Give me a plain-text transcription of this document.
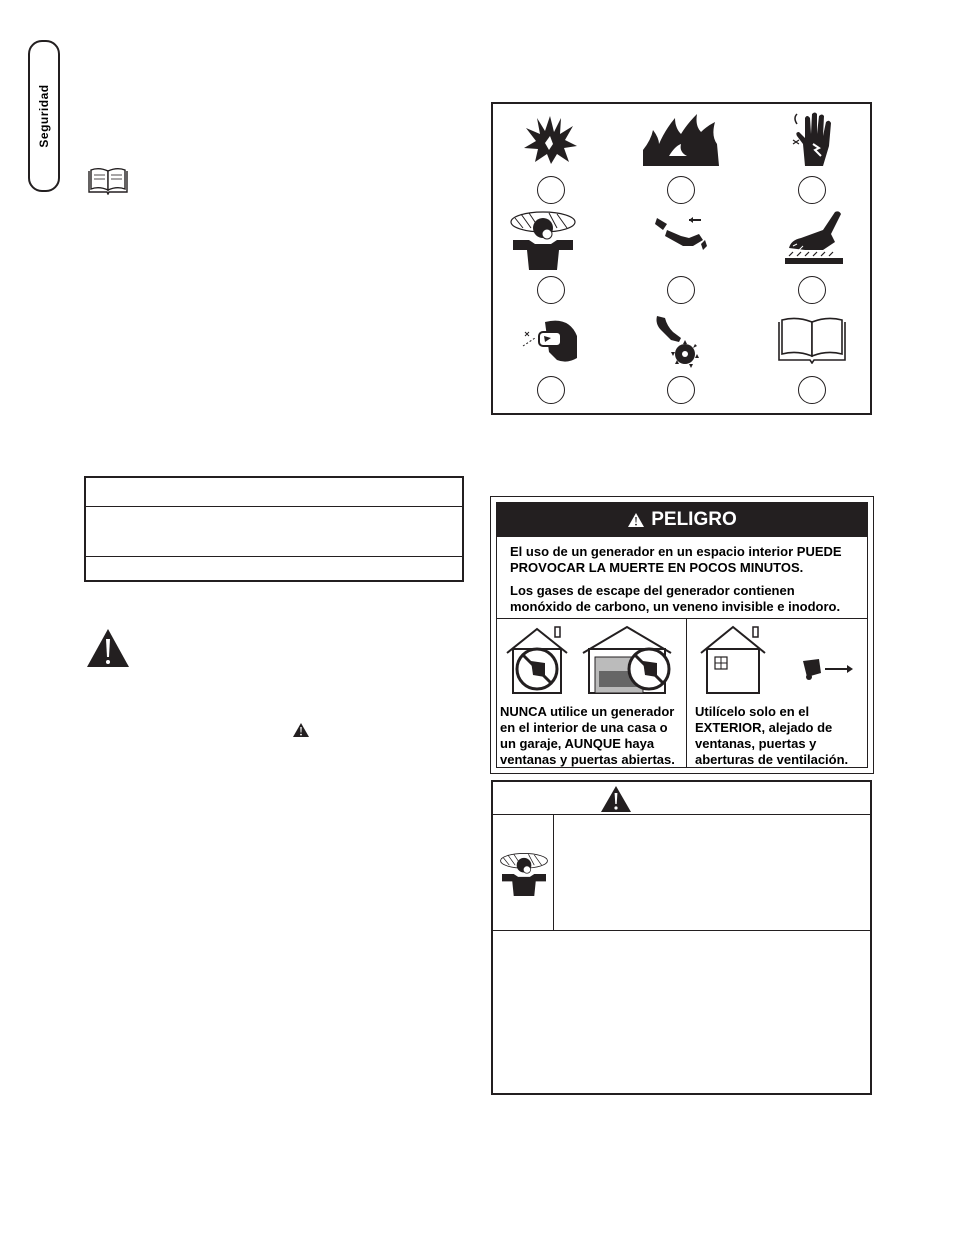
Seguridad
PELIGRO
El uso de un generador en un espacio interior PUEDE
PROVOCAR LA MUERTE EN POCOS MINUTOS.
Los gases de escape del generador contienen
monóxido de carbono, un veneno invisible e inodoro.
NUNCA utilice un generador
en el interior de una casa o
un garaje, AUNQUE haya
ventanas y puertas abiertas.
Utilícelo solo en el
EXTERIOR, alejado de
ventanas, puertas y
aberturas de ventilación.
